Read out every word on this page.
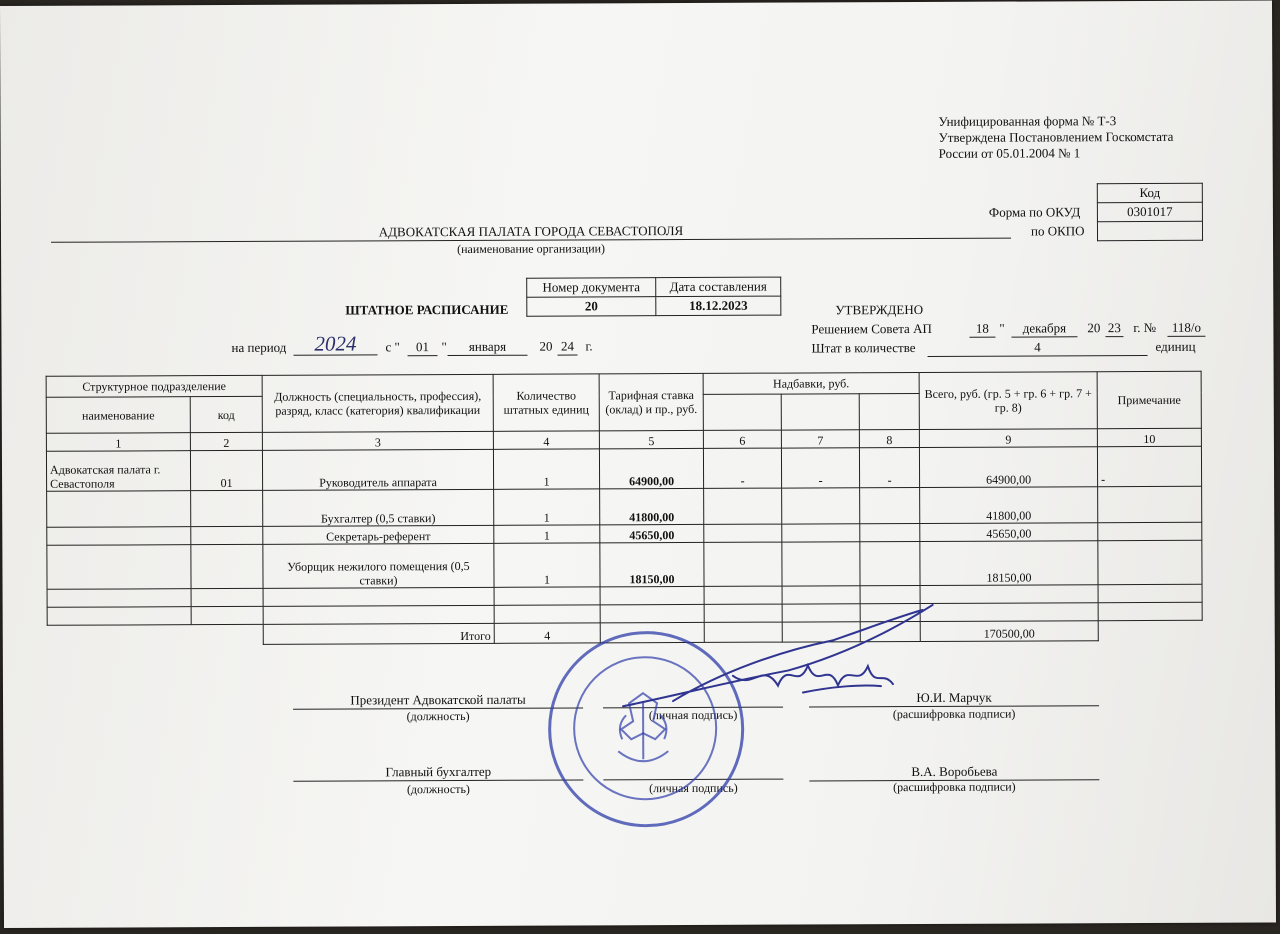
Унифицированная форма № Т-3
Утверждена Постановлением Госкомстата
России от 05.01.2004 № 1
Код
0301017

Форма по ОКУД
по ОКПО
АДВОКАТСКАЯ ПАЛАТА ГОРОДА СЕВАСТОПОЛЯ
(наименование организации)
Номер документа	Дата составления
20	18.12.2023
ШТАТНОЕ РАСПИСАНИЕ
на период	2024	с "	01 "	января	20 24 г.
УТВЕРЖДЕНО
Решением Совета АП	18 "	декабря	20 23 г. №	118/о
Штат в количестве	4	единиц
Структурное подразделение		Должность (специальность, профессия), разряд, класс (категория) квалификации	Количество штатных единиц	Тарифная ставка (оклад) и пр., руб.	Надбавки, руб.			Всего, руб. (гр. 5 + гр. 6 + гр. 7 + гр. 8)	Примечание
наименование	код								
1	2	3	4	5	6	7	8	9	10
Адвокатская палата г. Севастополя	01	Руководитель аппарата	1	64900,00	-	-	-	64900,00	-
		Бухгалтер (0,5 ставки)	1	41800,00				41800,00	
		Секретарь-референт	1	45650,00				45650,00	
		Уборщик нежилого помещения (0,5 ставки)	1	18150,00				18150,00	

		Итого	4					170500,00	
Президент Адвокатской палаты
(должность)	(личная подпись)
Ю.И. Марчук
(расшифровка подписи)
Главный бухгалтер
(должность)	(личная подпись)
В.А. Воробьева
(расшифровка подписи)
